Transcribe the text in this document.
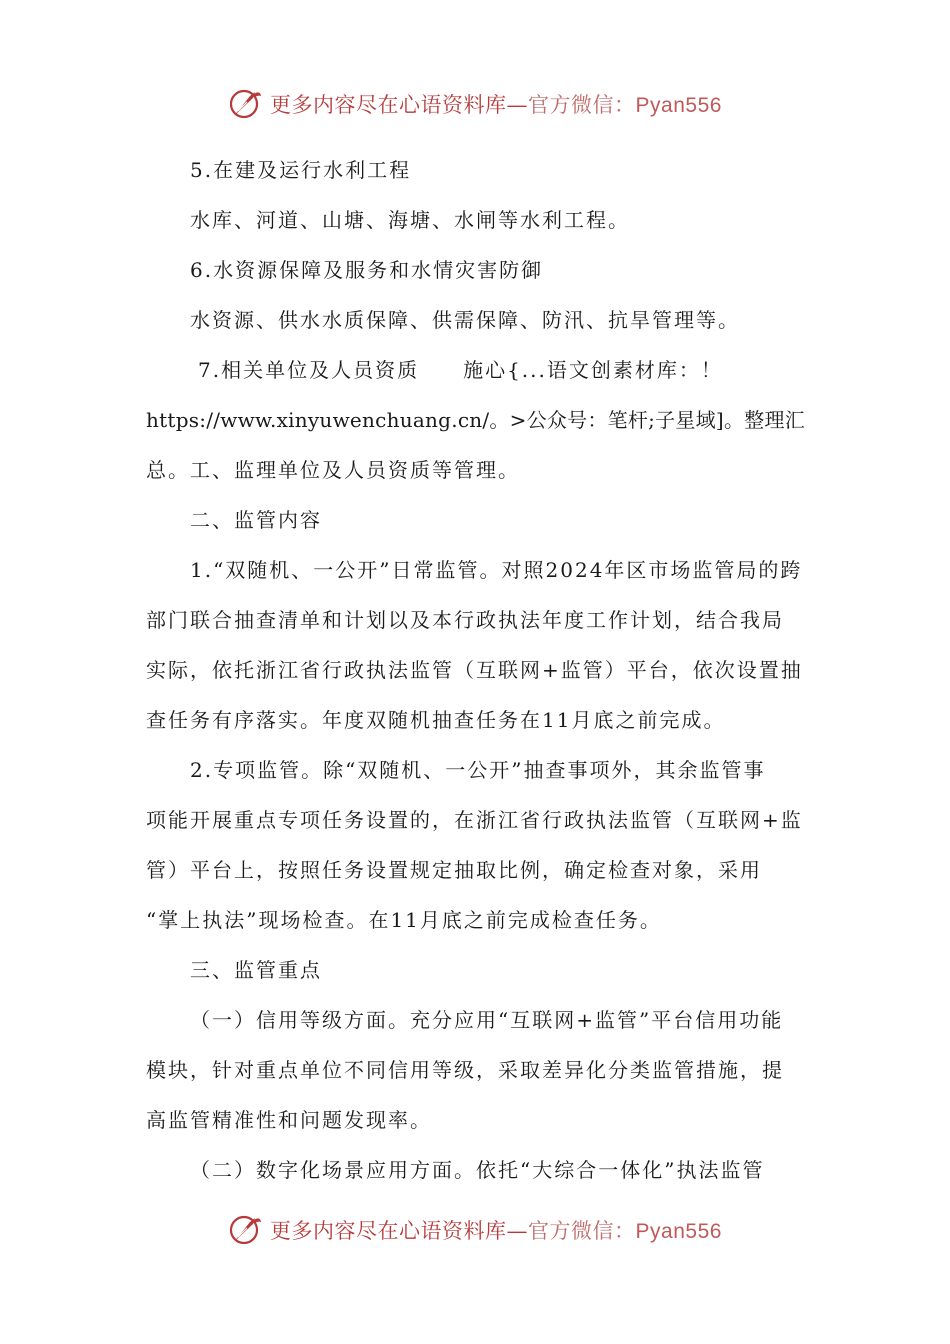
更多内容尽在心语资料库—官方微信：Pyan556
5.在建及运行水利工程
水库、河道、山塘、海塘、水闸等水利工程。
6.水资源保障及服务和水情灾害防御
水资源、供水水质保障、供需保障、防汛、抗旱管理等。
7.相关单位及人员资质　　施心{...语文创素材库：！
https://www.xinyuwenchuang.cn/。>公众号：笔杆;子星域]。整理汇
总。工、监理单位及人员资质等管理。
二、监管内容
1.“双随机、一公开”日常监管。对照2024年区市场监管局的跨
部门联合抽查清单和计划以及本行政执法年度工作计划，结合我局
实际，依托浙江省行政执法监管（互联网+监管）平台，依次设置抽
查任务有序落实。年度双随机抽查任务在11月底之前完成。
2.专项监管。除“双随机、一公开”抽查事项外，其余监管事
项能开展重点专项任务设置的，在浙江省行政执法监管（互联网+监
管）平台上，按照任务设置规定抽取比例，确定检查对象，采用
“掌上执法”现场检查。在11月底之前完成检查任务。
三、监管重点
（一）信用等级方面。充分应用“互联网+监管”平台信用功能
模块，针对重点单位不同信用等级，采取差异化分类监管措施，提
高监管精准性和问题发现率。
（二）数字化场景应用方面。依托“大综合一体化”执法监管
更多内容尽在心语资料库—官方微信：Pyan556
